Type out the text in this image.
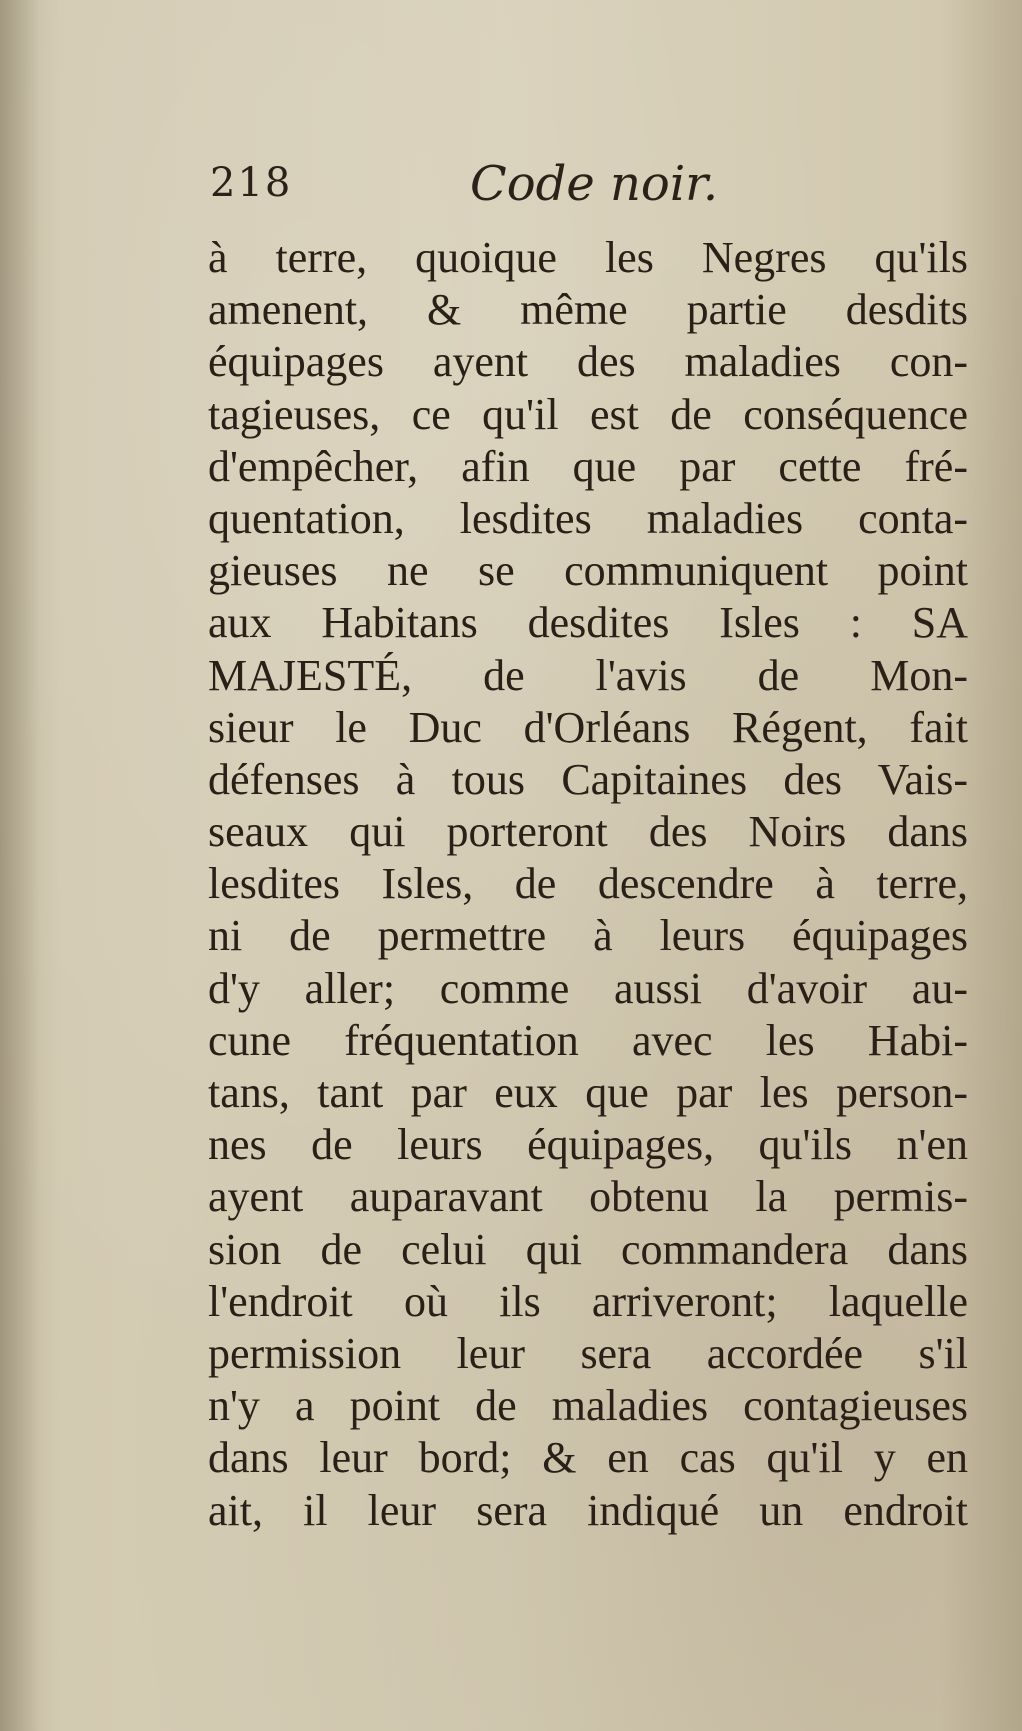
218	Code noir.
à terre, quoique les Negres qu'ils
amenent, & même partie desdits
équipages ayent des maladies con-
tagieuses, ce qu'il est de conséquence
d'empêcher, afin que par cette fré-
quentation, lesdites maladies conta-
gieuses ne se communiquent point
aux Habitans desdites Isles : SA
MAJESTÉ, de l'avis de Mon-
sieur le Duc d'Orléans Régent, fait
défenses à tous Capitaines des Vais-
seaux qui porteront des Noirs dans
lesdites Isles, de descendre à terre,
ni de permettre à leurs équipages
d'y aller; comme aussi d'avoir au-
cune fréquentation avec les Habi-
tans, tant par eux que par les person-
nes de leurs équipages, qu'ils n'en
ayent auparavant obtenu la permis-
sion de celui qui commandera dans
l'endroit où ils arriveront; laquelle
permission leur sera accordée s'il
n'y a point de maladies contagieuses
dans leur bord; & en cas qu'il y en
ait, il leur sera indiqué un endroit
